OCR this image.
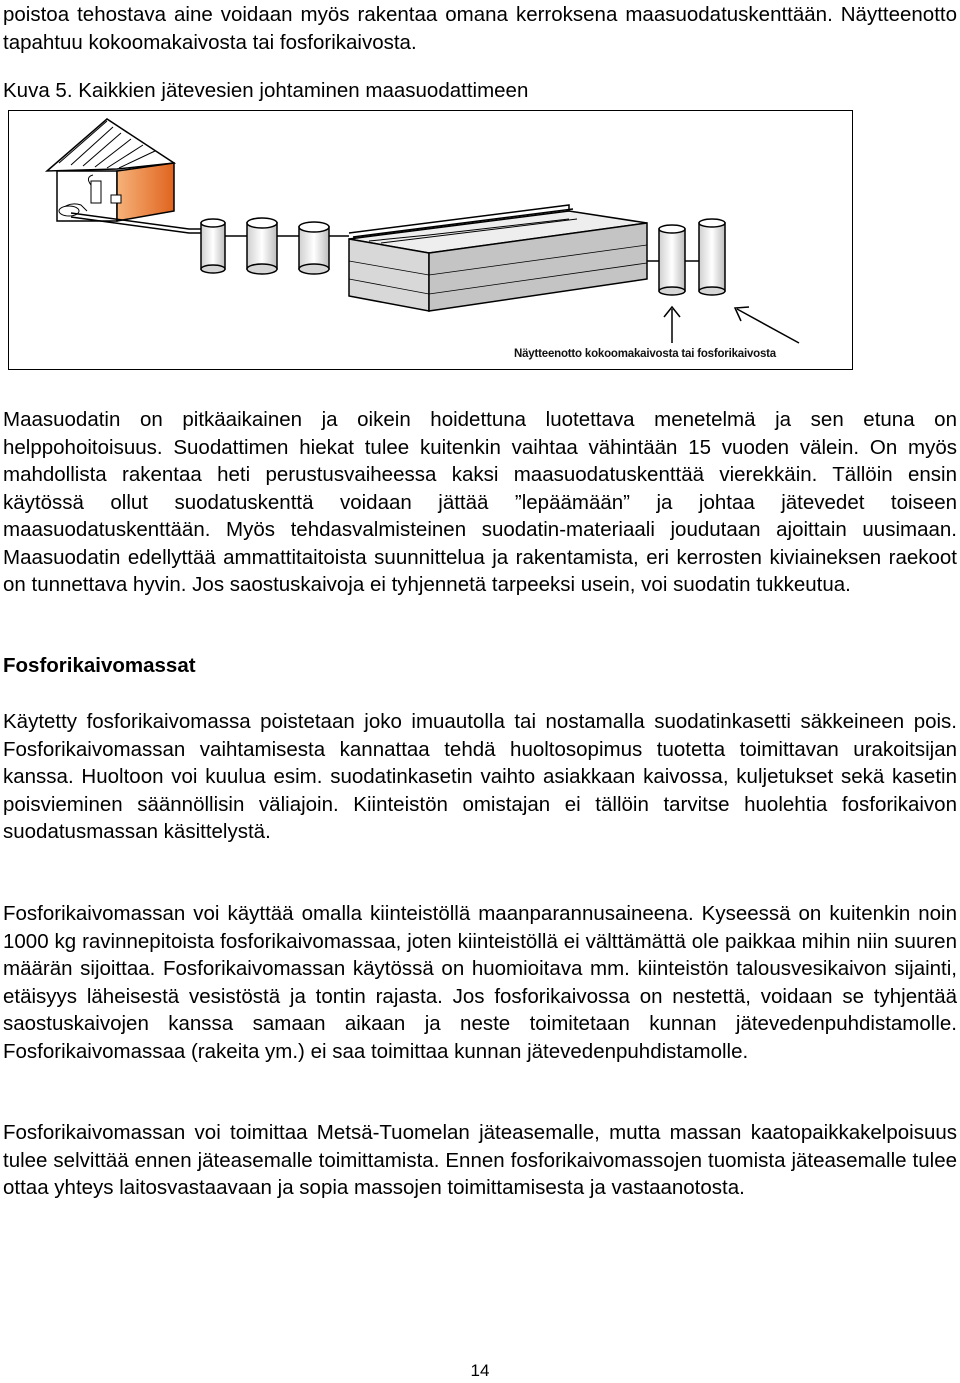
poistoa tehostava aine voidaan myös rakentaa omana kerroksena maasuodatuskenttään. Näytteenotto tapahtuu kokoomakaivosta tai fosforikaivosta.

Kuva 5. Kaikkien jätevesien johtaminen maasuodattimeen

Näytteenotto kokoomakaivosta tai fosforikaivosta

Maasuodatin on pitkäaikainen ja oikein hoidettuna luotettava menetelmä ja sen etuna on helppohoitoisuus. Suodattimen hiekat tulee kuitenkin vaihtaa vähintään 15 vuoden välein. On myös mahdollista rakentaa heti perustusvaiheessa kaksi maasuodatuskenttää vierekkäin. Tällöin ensin käytössä ollut suodatuskenttä voidaan jättää ”lepäämään” ja johtaa jätevedet toiseen maasuodatuskenttään. Myös tehdasvalmisteinen suodatin-materiaali joudutaan ajoittain uusimaan. Maasuodatin edellyttää ammattitaitoista suunnittelua ja rakentamista, eri kerrosten kiviaineksen raekoot on tunnettava hyvin. Jos saostuskaivoja ei tyhjennetä tarpeeksi usein, voi suodatin tukkeutua.

Fosforikaivomassat

Käytetty fosforikaivomassa poistetaan joko imuautolla tai nostamalla suodatinkasetti säkkeineen pois. Fosforikaivomassan vaihtamisesta kannattaa tehdä huoltosopimus tuotetta toimittavan urakoitsijan kanssa. Huoltoon voi kuulua esim. suodatinkasetin vaihto asiakkaan kaivossa, kuljetukset sekä kasetin poisvieminen säännöllisin väliajoin. Kiinteistön omistajan ei tällöin tarvitse huolehtia fosforikaivon suodatusmassan käsittelystä.

Fosforikaivomassan voi käyttää omalla kiinteistöllä maanparannusaineena. Kyseessä on kuitenkin noin 1000 kg ravinnepitoista fosforikaivomassaa, joten kiinteistöllä ei välttämättä ole paikkaa mihin niin suuren määrän sijoittaa. Fosforikaivomassan käytössä on huomioitava mm. kiinteistön talousvesikaivon sijainti, etäisyys läheisestä vesistöstä ja tontin rajasta. Jos fosforikaivossa on nestettä, voidaan se tyhjentää saostuskaivojen kanssa samaan aikaan ja neste toimitetaan kunnan jätevedenpuhdistamolle. Fosforikaivomassaa (rakeita ym.) ei saa toimittaa kunnan jätevedenpuhdistamolle.

Fosforikaivomassan voi toimittaa Metsä-Tuomelan jäteasemalle, mutta massan kaatopaikkakelpoisuus tulee selvittää ennen jäteasemalle toimittamista. Ennen fosforikaivomassojen tuomista jäteasemalle tulee ottaa yhteys laitosvastaavaan ja sopia massojen toimittamisesta ja vastaanotosta.

14
